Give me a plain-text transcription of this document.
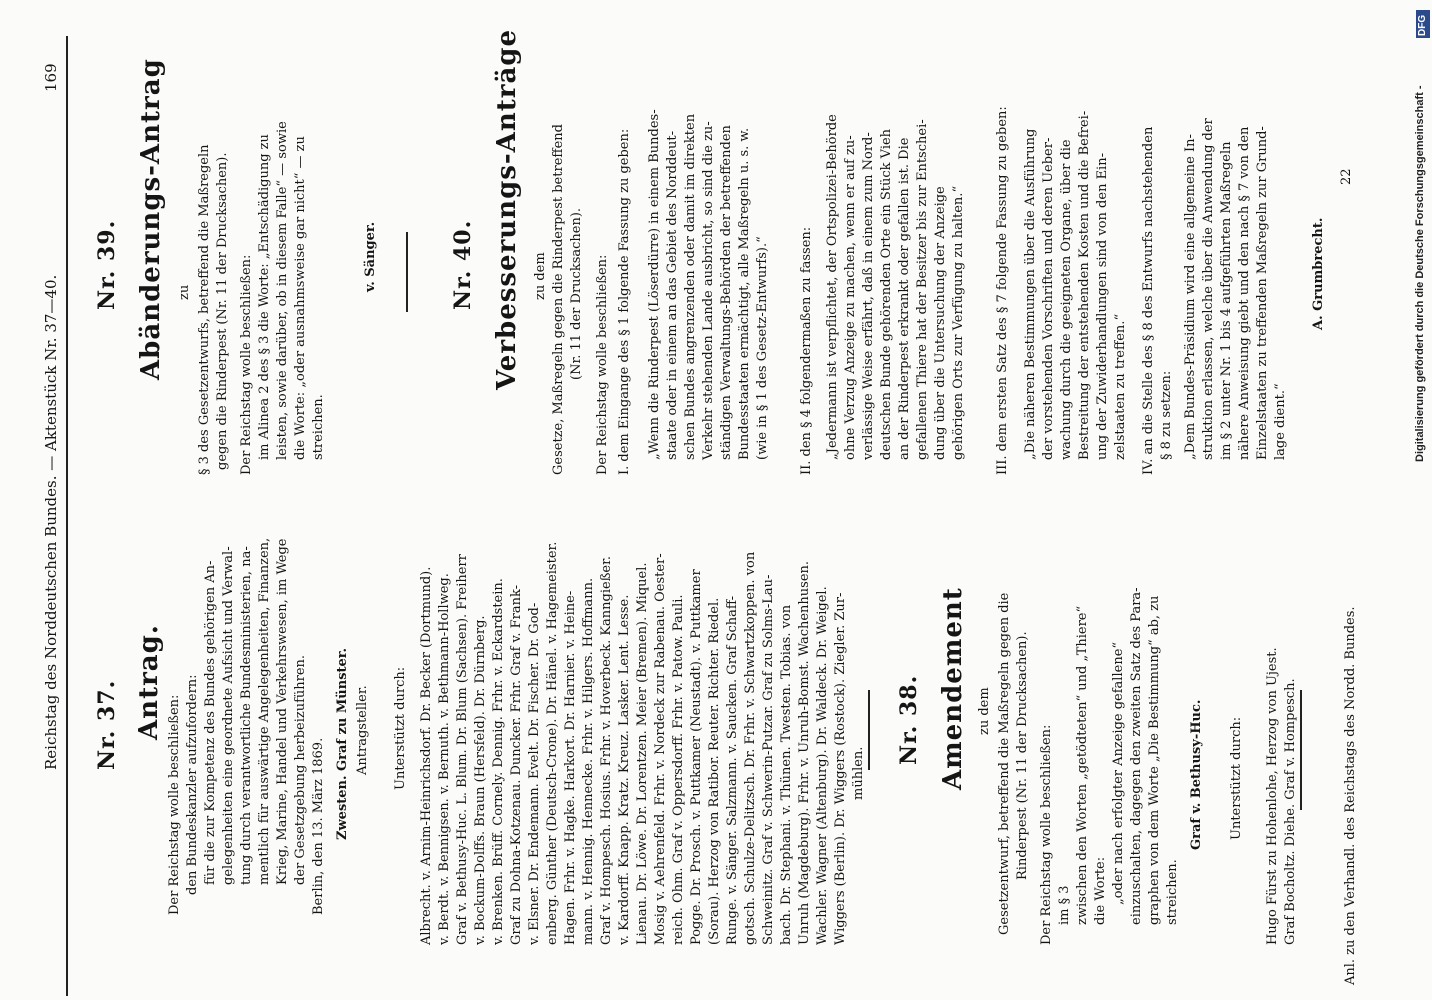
Reichstag des Norddeutschen Bundes. — Aktenstück Nr. 37—40.
169
Nr. 37. Antrag.
Der Reichstag wolle beschließen: den Bundeskanzler aufzufordern: für die zur Kompetenz des Bundes gehörigen An- gelegenheiten eine geordnete Aufsicht und Verwal- tung durch verantwortliche Bundesministerien, na- mentlich für auswärtige Angelegenheiten, Finanzen, Krieg, Marine, Handel und Verkehrswesen, im Wege der Gesetzgebung herbeizuführen. Berlin, den 13. März 1869. Zwesten. Graf zu Münster. Antragsteller. Unterstützt durch: Albrecht. v. Arnim-Heinrichsdorf. Dr. Becker (Dortmund). v. Berdt. v. Bennigsen. v. Bernuth. v. Bethmann-Hollweg. Graf v. Bethusy-Huc. L. Blum. Dr. Blum (Sachsen). Freiherr v. Bockum-Dolffs. Braun (Hersfeld). Dr. Dürnberg. v. Brenken. Brüff. Cornely. Dennig. Frhr. v. Eckardstein. Graf zu Dohna-Kotzenau. Duncker. Frhr. Graf v. Frank- v. Elsner. Dr. Endemann. Evelt. Dr. Fischer. Dr. God- enberg. Günther (Deutsch-Crone). Dr. Hänel. v. Hagemeister. Hagen. Frhr. v. Hagke. Harkort. Dr. Harnier. v. Heine- mann. v. Hennig. Hennecke. Frhr. v. Hilgers. Hoffmann. Graf v. Hompesch. Hosius. Frhr. v. Hoverbeck. Kanngießer. v. Kardorff. Knapp. Kratz. Kreuz. Lasker. Lent. Lesse. Lienau. Dr. Löwe. Dr. Lorentzen. Meier (Bremen). Miquel. Mosig v. Aehrenfeld. Frhr. v. Nordeck zur Rabenau. Oester- reich. Ohm. Graf v. Oppersdorff. Frhr. v. Patow. Pauli. Pogge. Dr. Prosch. v. Puttkamer (Neustadt). v. Puttkamer (Sorau). Herzog von Ratibor. Reuter. Richter. Riedel. Runge. v. Sänger. Salzmann. v. Saucken. Graf Schaff- gotsch. Schulze-Delitzsch. Dr. Frhr. v. Schwartzkoppen. von Schweinitz. Graf v. Schwerin-Putzar. Graf zu Solms-Lau- bach. Dr. Stephani. v. Thünen. Twesten. Tobias. von Unruh (Magdeburg). Frhr. v. Unruh-Bomst. Wachenhusen. Wachler. Wagner (Altenburg). Dr. Waldeck. Dr. Weigel. Wiggers (Berlin). Dr. Wiggers (Rostock). Ziegler. Zur- mühlen.
Nr. 38. Amendement zu dem Gesetzentwurf, betreffend die Maßregeln gegen die Rinderpest (Nr. 11 der Drucksachen). Der Reichstag wolle beschließen: im § 3 zwischen den Worten „getödteten“ und „Thiere“ die Worte: „oder nach erfolgter Anzeige gefallene“ einzuschalten, dagegen den zweiten Satz des Para- graphen von dem Worte „Die Bestimmung“ ab, zu streichen.
Graf v. Bethusy-Huc. Unterstützt durch: Hugo Fürst zu Hohenlohe, Herzog von Ujest. Graf Bocholtz. Diehe. Graf v. Hompesch.	Anl. zu den Verhandl. des Reichstags des Nordd. Bundes.
Nr. 39. Abänderungs-Antrag zu § 3 des Gesetzentwurfs, betreffend die Maßregeln gegen die Rinderpest (Nr. 11 der Drucksachen). Der Reichstag wolle beschließen: im Alinea 2 des § 3 die Worte: „Entschädigung zu leisten, sowie darüber, ob in diesem Falle“ — sowie die Worte: „oder ausnahmsweise gar nicht“ — zu streichen.
v. Sänger.	Nr. 40. Verbesserungs-Anträge zu dem Gesetze, Maßregeln gegen die Rinderpest betreffend (Nr. 11 der Drucksachen). Der Reichstag wolle beschließen: I. dem Eingange des § 1 folgende Fassung zu geben: „Wenn die Rinderpest (Löserdürre) in einem Bundes- staate oder in einem an das Gebiet des Norddeut- schen Bundes angrenzenden oder damit im direkten Verkehr stehenden Lande ausbricht, so sind die zu- ständigen Verwaltungs-Behörden der betreffenden Bundesstaaten ermächtigt, alle Maßregeln u. s. w. (wie in § 1 des Gesetz-Entwurfs).“ II. den § 4 folgendermaßen zu fassen: „Jedermann ist verpflichtet, der Ortspolizei-Behörde ohne Verzug Anzeige zu machen, wenn er auf zu- verlässige Weise erfährt, daß in einem zum Nord- deutschen Bunde gehörenden Orte ein Stück Vieh an der Rinderpest erkrankt oder gefallen ist. Die gefallenen Thiere hat der Besitzer bis zur Entschei- dung über die Untersuchung der Anzeige gehörigen Orts zur Verfügung zu halten.“ III. dem ersten Satz des § 7 folgende Fassung zu geben: „Die näheren Bestimmungen über die Ausführung der vorstehenden Vorschriften und deren Ueber- wachung durch die geeigneten Organe, über die Bestreitung der entstehenden Kosten und die Befrei- ung der Zuwiderhandlungen sind von den Ein- zelstaaten zu treffen.“ IV. an die Stelle des § 8 des Entwurfs nachstehenden § 8 zu setzen: „Dem Bundes-Präsidium wird eine allgemeine In- struktion erlassen, welche über die Anwendung der im § 2 unter Nr. 1 bis 4 aufgeführten Maßregeln nähere Anweisung giebt und den nach § 7 von den Einzelstaaten zu treffenden Maßregeln zur Grund- lage dient.“
A. Grumbrecht.
22	Digitalisierung gefördert durch die Deutsche Forschungsgemeinschaft -
DFG
